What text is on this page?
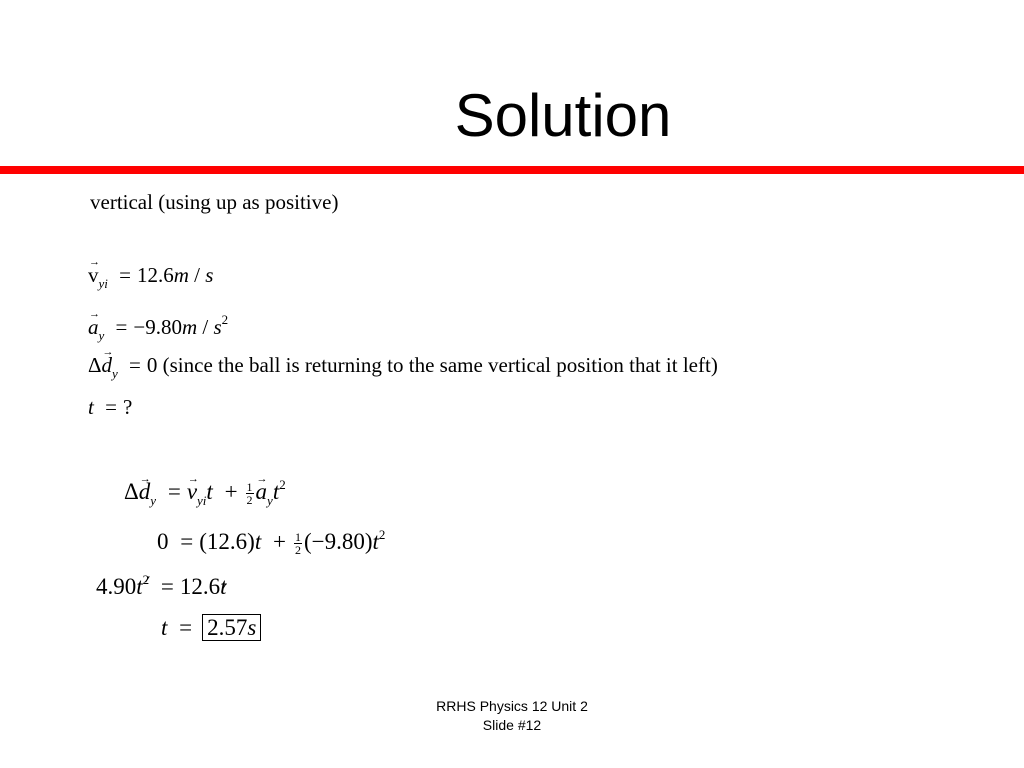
Solution
vertical (using up as positive)
→ $v_{yi} = 12.6m / s$
→ $a_y = -9.80m / s^2$
$\Delta\to d_y = 0$ (since the ball is returning to the same vertical position that it left)
t = ?
$\Delta\to d_y =\to v_{yi}t + \frac{1}{2}$
→ $a_yt^2$
$0 = (12.6)t + \frac{1}{2} (-9.80)t^2$
4.90t2 = 12.6t
t = 2.57s
RRHS Physics 12 Unit 2
Slide #12
